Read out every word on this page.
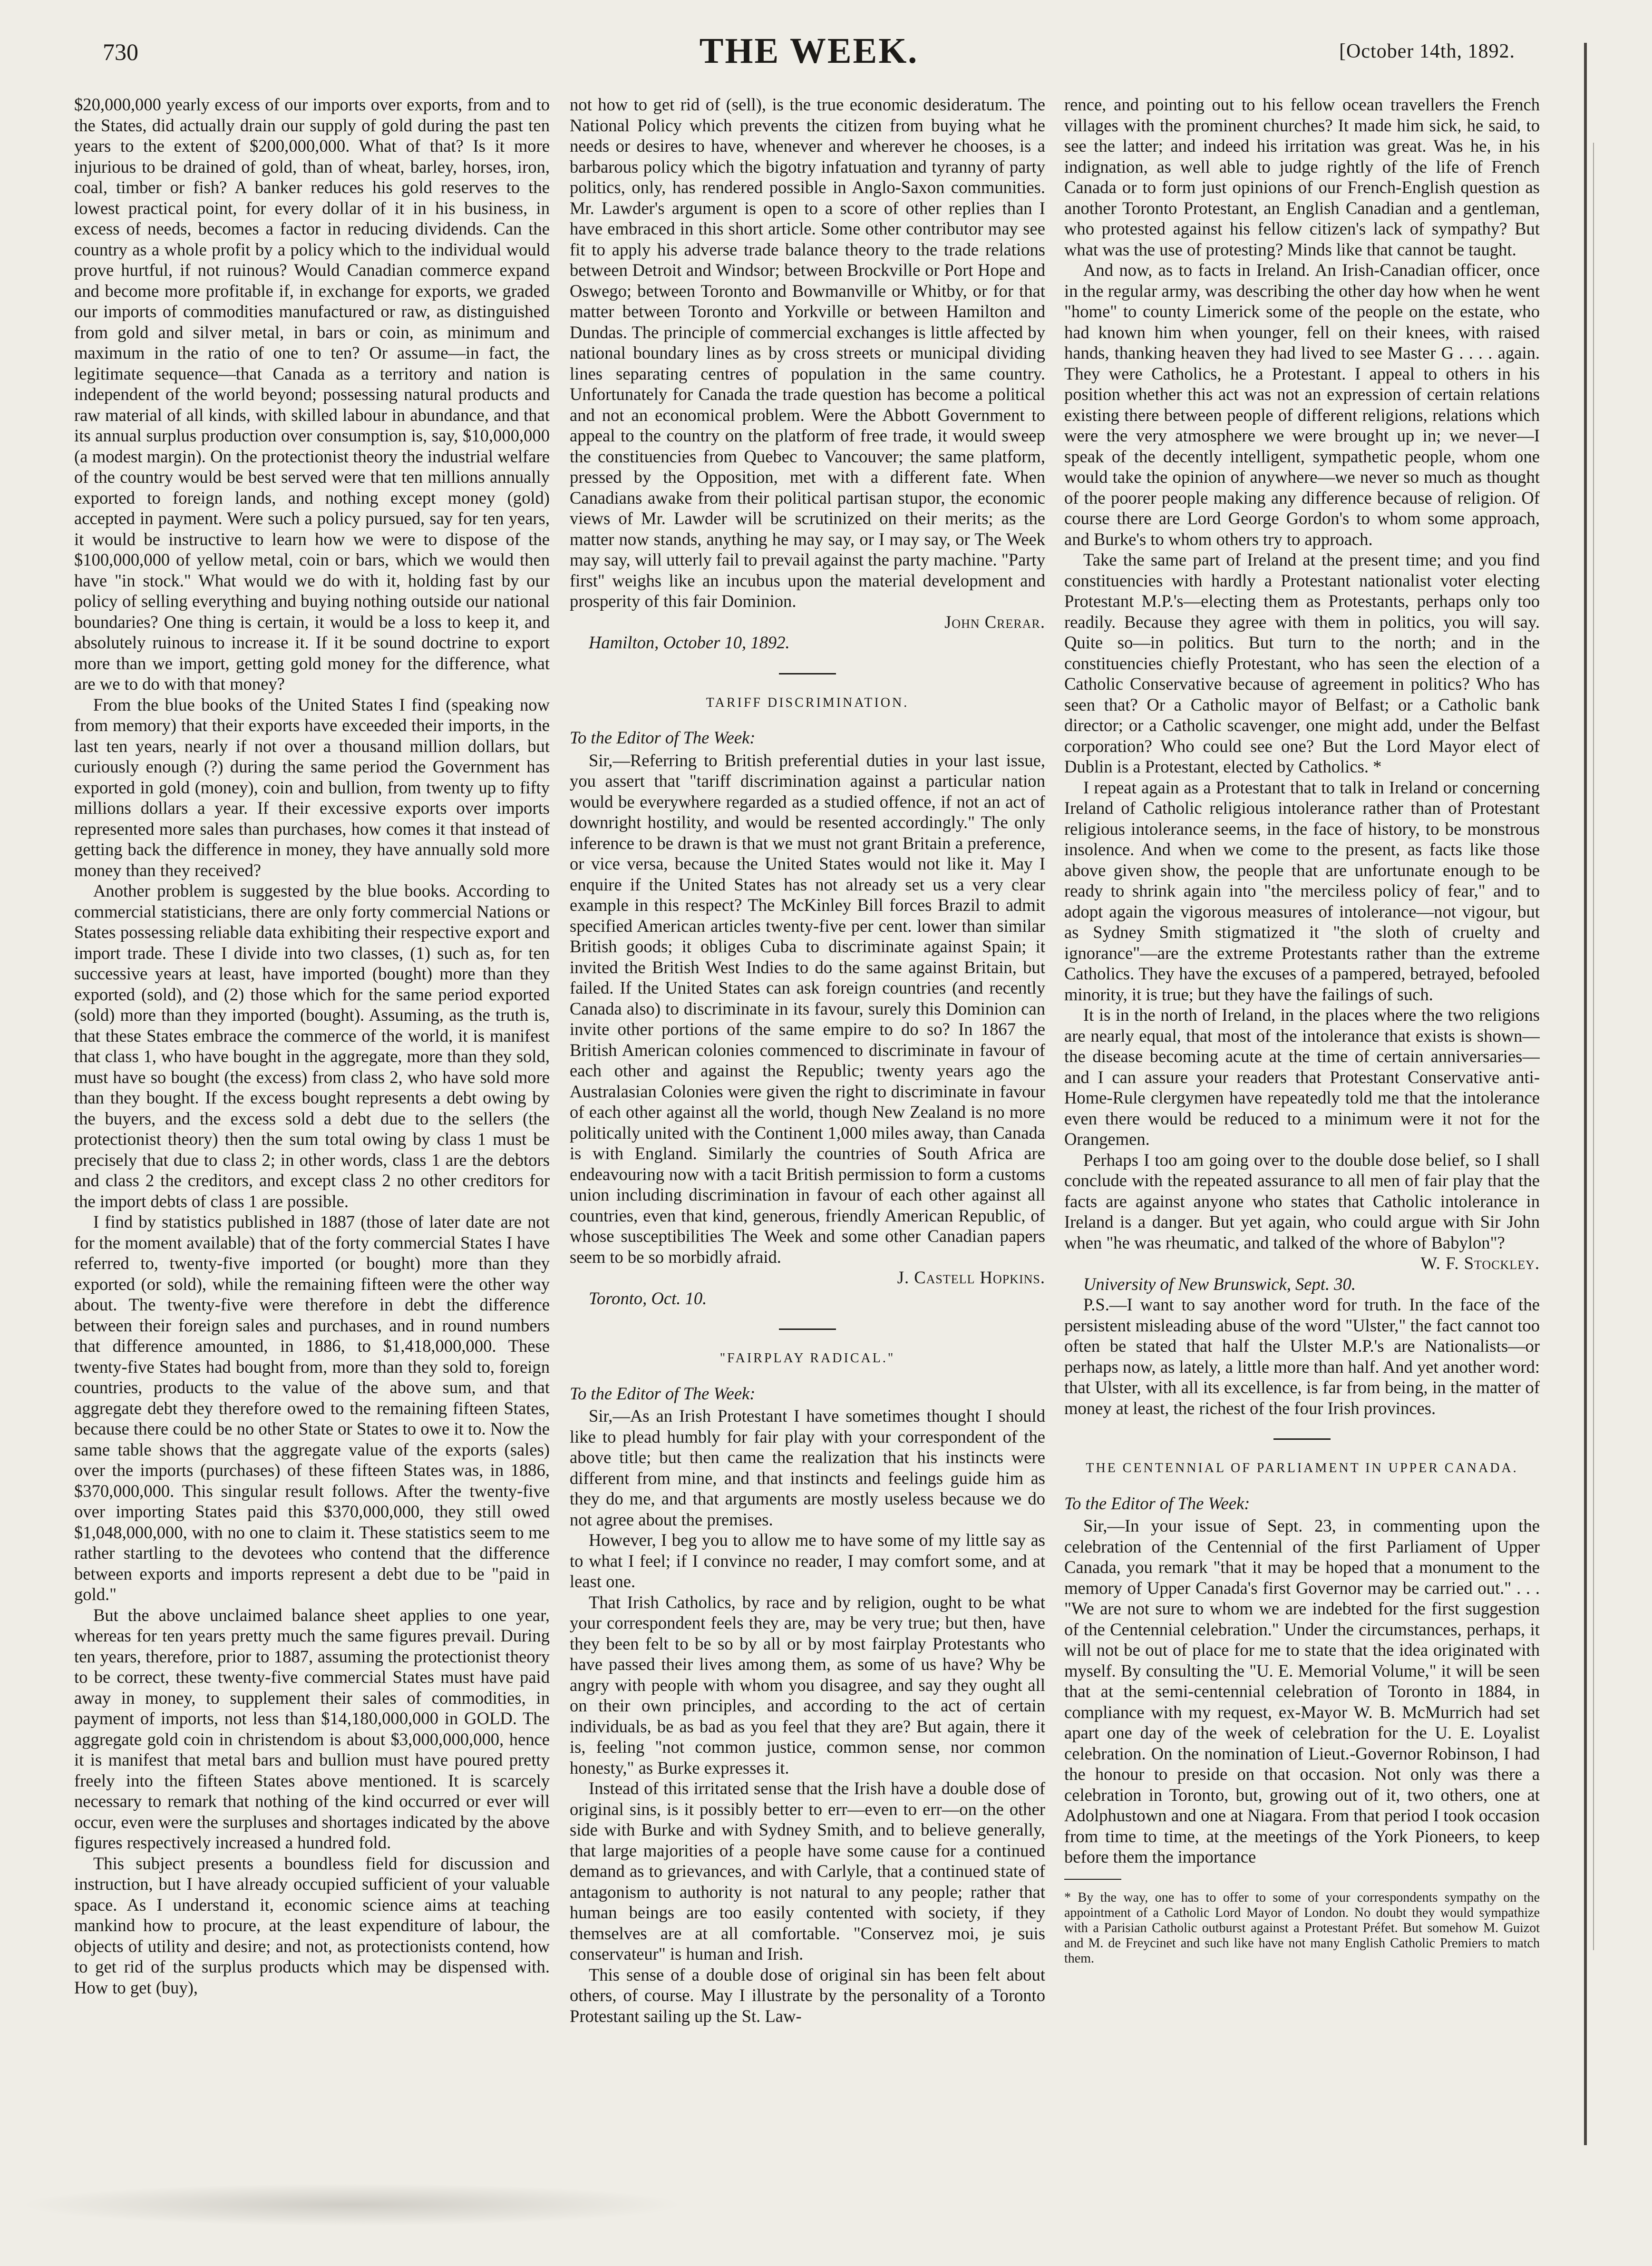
730	THE WEEK.	[October 14th, 1892.

$20,000,000 yearly excess of our imports over exports, from and to the States, did actually drain our supply of gold during the past ten years to the extent of $200,000,000. What of that? Is it more injurious to be drained of gold, than of wheat, barley, horses, iron, coal, timber or fish? A banker reduces his gold reserves to the lowest practical point, for every dollar of it in his business, in excess of needs, becomes a factor in reducing dividends. Can the country as a whole profit by a policy which to the individual would prove hurtful, if not ruinous? Would Canadian commerce expand and become more profitable if, in exchange for exports, we graded our imports of commodities manufactured or raw, as distinguished from gold and silver metal, in bars or coin, as minimum and maximum in the ratio of one to ten? Or assume—in fact, the legitimate sequence—that Canada as a territory and nation is independent of the world beyond; possessing natural products and raw material of all kinds, with skilled labour in abundance, and that its annual surplus production over consumption is, say, $10,000,000 (a modest margin). On the protectionist theory the industrial welfare of the country would be best served were that ten millions annually exported to foreign lands, and nothing except money (gold) accepted in payment. Were such a policy pursued, say for ten years, it would be instructive to learn how we were to dispose of the $100,000,000 of yellow metal, coin or bars, which we would then have "in stock." What would we do with it, holding fast by our policy of selling everything and buying nothing outside our national boundaries? One thing is certain, it would be a loss to keep it, and absolutely ruinous to increase it. If it be sound doctrine to export more than we import, getting gold money for the difference, what are we to do with that money?

From the blue books of the United States I find (speaking now from memory) that their exports have exceeded their imports, in the last ten years, nearly if not over a thousand million dollars, but curiously enough (?) during the same period the Government has exported in gold (money), coin and bullion, from twenty up to fifty millions dollars a year. If their excessive exports over imports represented more sales than purchases, how comes it that instead of getting back the difference in money, they have annually sold more money than they received?

Another problem is suggested by the blue books. According to commercial statisticians, there are only forty commercial Nations or States possessing reliable data exhibiting their respective export and import trade. These I divide into two classes, (1) such as, for ten successive years at least, have imported (bought) more than they exported (sold), and (2) those which for the same period exported (sold) more than they imported (bought). Assuming, as the truth is, that these States embrace the commerce of the world, it is manifest that class 1, who have bought in the aggregate, more than they sold, must have so bought (the excess) from class 2, who have sold more than they bought. If the excess bought represents a debt owing by the buyers, and the excess sold a debt due to the sellers (the protectionist theory) then the sum total owing by class 1 must be precisely that due to class 2; in other words, class 1 are the debtors and class 2 the creditors, and except class 2 no other creditors for the import debts of class 1 are possible.

I find by statistics published in 1887 (those of later date are not for the moment available) that of the forty commercial States I have referred to, twenty-five imported (or bought) more than they exported (or sold), while the remaining fifteen were the other way about. The twenty-five were therefore in debt the difference between their foreign sales and purchases, and in round numbers that difference amounted, in 1886, to $1,418,000,000. These twenty-five States had bought from, more than they sold to, foreign countries, products to the value of the above sum, and that aggregate debt they therefore owed to the remaining fifteen States, because there could be no other State or States to owe it to. Now the same table shows that the aggregate value of the exports (sales) over the imports (purchases) of these fifteen States was, in 1886, $370,000,000. This singular result follows. After the twenty-five over importing States paid this $370,000,000, they still owed $1,048,000,000, with no one to claim it. These statistics seem to me rather startling to the devotees who contend that the difference between exports and imports represent a debt due to be "paid in gold."

But the above unclaimed balance sheet applies to one year, whereas for ten years pretty much the same figures prevail. During ten years, therefore, prior to 1887, assuming the protectionist theory to be correct, these twenty-five commercial States must have paid away in money, to supplement their sales of commodities, in payment of imports, not less than $14,180,000,000 in GOLD. The aggregate gold coin in christendom is about $3,000,000,000, hence it is manifest that metal bars and bullion must have poured pretty freely into the fifteen States above mentioned. It is scarcely necessary to remark that nothing of the kind occurred or ever will occur, even were the surpluses and shortages indicated by the above figures respectively increased a hundred fold.

This subject presents a boundless field for discussion and instruction, but I have already occupied sufficient of your valuable space. As I understand it, economic science aims at teaching mankind how to procure, at the least expenditure of labour, the objects of utility and desire; and not, as protectionists contend, how to get rid of the surplus products which may be dispensed with. How to get (buy),

not how to get rid of (sell), is the true economic desideratum. The National Policy which prevents the citizen from buying what he needs or desires to have, whenever and wherever he chooses, is a barbarous policy which the bigotry infatuation and tyranny of party politics, only, has rendered possible in Anglo-Saxon communities. Mr. Lawder's argument is open to a score of other replies than I have embraced in this short article. Some other contributor may see fit to apply his adverse trade balance theory to the trade relations between Detroit and Windsor; between Brockville or Port Hope and Oswego; between Toronto and Bowmanville or Whitby, or for that matter between Toronto and Yorkville or between Hamilton and Dundas. The principle of commercial exchanges is little affected by national boundary lines as by cross streets or municipal dividing lines separating centres of population in the same country. Unfortunately for Canada the trade question has become a political and not an economical problem. Were the Abbott Government to appeal to the country on the platform of free trade, it would sweep the constituencies from Quebec to Vancouver; the same platform, pressed by the Opposition, met with a different fate. When Canadians awake from their political partisan stupor, the economic views of Mr. Lawder will be scrutinized on their merits; as the matter now stands, anything he may say, or I may say, or The Week may say, will utterly fail to prevail against the party machine. "Party first" weighs like an incubus upon the material development and prosperity of this fair Dominion.

John Crerar.

Hamilton, October 10, 1892.

TARIFF DISCRIMINATION.
To the Editor of The Week:

Sir,—Referring to British preferential duties in your last issue, you assert that "tariff discrimination against a particular nation would be everywhere regarded as a studied offence, if not an act of downright hostility, and would be resented accordingly." The only inference to be drawn is that we must not grant Britain a preference, or vice versa, because the United States would not like it. May I enquire if the United States has not already set us a very clear example in this respect? The McKinley Bill forces Brazil to admit specified American articles twenty-five per cent. lower than similar British goods; it obliges Cuba to discriminate against Spain; it invited the British West Indies to do the same against Britain, but failed. If the United States can ask foreign countries (and recently Canada also) to discriminate in its favour, surely this Dominion can invite other portions of the same empire to do so? In 1867 the British American colonies commenced to discriminate in favour of each other and against the Republic; twenty years ago the Australasian Colonies were given the right to discriminate in favour of each other against all the world, though New Zealand is no more politically united with the Continent 1,000 miles away, than Canada is with England. Similarly the countries of South Africa are endeavouring now with a tacit British permission to form a customs union including discrimination in favour of each other against all countries, even that kind, generous, friendly American Republic, of whose susceptibilities The Week and some other Canadian papers seem to be so morbidly afraid.

J. Castell Hopkins.

Toronto, Oct. 10.

"FAIRPLAY RADICAL."
To the Editor of The Week:

Sir,—As an Irish Protestant I have sometimes thought I should like to plead humbly for fair play with your correspondent of the above title; but then came the realization that his instincts were different from mine, and that instincts and feelings guide him as they do me, and that arguments are mostly useless because we do not agree about the premises.

However, I beg you to allow me to have some of my little say as to what I feel; if I convince no reader, I may comfort some, and at least one.

That Irish Catholics, by race and by religion, ought to be what your correspondent feels they are, may be very true; but then, have they been felt to be so by all or by most fairplay Protestants who have passed their lives among them, as some of us have? Why be angry with people with whom you disagree, and say they ought all on their own principles, and according to the act of certain individuals, be as bad as you feel that they are? But again, there it is, feeling "not common justice, common sense, nor common honesty," as Burke expresses it.

Instead of this irritated sense that the Irish have a double dose of original sins, is it possibly better to err—even to err—on the other side with Burke and with Sydney Smith, and to believe generally, that large majorities of a people have some cause for a continued demand as to grievances, and with Carlyle, that a continued state of antagonism to authority is not natural to any people; rather that human beings are too easily contented with society, if they themselves are at all comfortable. "Conservez moi, je suis conservateur" is human and Irish.

This sense of a double dose of original sin has been felt about others, of course. May I illustrate by the personality of a Toronto Protestant sailing up the St. Law-

rence, and pointing out to his fellow ocean travellers the French villages with the prominent churches? It made him sick, he said, to see the latter; and indeed his irritation was great. Was he, in his indignation, as well able to judge rightly of the life of French Canada or to form just opinions of our French-English question as another Toronto Protestant, an English Canadian and a gentleman, who protested against his fellow citizen's lack of sympathy? But what was the use of protesting? Minds like that cannot be taught.

And now, as to facts in Ireland. An Irish-Canadian officer, once in the regular army, was describing the other day how when he went "home" to county Limerick some of the people on the estate, who had known him when younger, fell on their knees, with raised hands, thanking heaven they had lived to see Master G . . . . again. They were Catholics, he a Protestant. I appeal to others in his position whether this act was not an expression of certain relations existing there between people of different religions, relations which were the very atmosphere we were brought up in; we never—I speak of the decently intelligent, sympathetic people, whom one would take the opinion of anywhere—we never so much as thought of the poorer people making any difference because of religion. Of course there are Lord George Gordon's to whom some approach, and Burke's to whom others try to approach.

Take the same part of Ireland at the present time; and you find constituencies with hardly a Protestant nationalist voter electing Protestant M.P.'s—electing them as Protestants, perhaps only too readily. Because they agree with them in politics, you will say. Quite so—in politics. But turn to the north; and in the constituencies chiefly Protestant, who has seen the election of a Catholic Conservative because of agreement in politics? Who has seen that? Or a Catholic mayor of Belfast; or a Catholic bank director; or a Catholic scavenger, one might add, under the Belfast corporation? Who could see one? But the Lord Mayor elect of Dublin is a Protestant, elected by Catholics. *

I repeat again as a Protestant that to talk in Ireland or concerning Ireland of Catholic religious intolerance rather than of Protestant religious intolerance seems, in the face of history, to be monstrous insolence. And when we come to the present, as facts like those above given show, the people that are unfortunate enough to be ready to shrink again into "the merciless policy of fear," and to adopt again the vigorous measures of intolerance—not vigour, but as Sydney Smith stigmatized it "the sloth of cruelty and ignorance"—are the extreme Protestants rather than the extreme Catholics. They have the excuses of a pampered, betrayed, befooled minority, it is true; but they have the failings of such.

It is in the north of Ireland, in the places where the two religions are nearly equal, that most of the intolerance that exists is shown—the disease becoming acute at the time of certain anniversaries—and I can assure your readers that Protestant Conservative anti-Home-Rule clergymen have repeatedly told me that the intolerance even there would be reduced to a minimum were it not for the Orangemen.

Perhaps I too am going over to the double dose belief, so I shall conclude with the repeated assurance to all men of fair play that the facts are against anyone who states that Catholic intolerance in Ireland is a danger. But yet again, who could argue with Sir John when "he was rheumatic, and talked of the whore of Babylon"?

W. F. Stockley.

University of New Brunswick, Sept. 30.

P.S.—I want to say another word for truth. In the face of the persistent misleading abuse of the word "Ulster," the fact cannot too often be stated that half the Ulster M.P.'s are Nationalists—or perhaps now, as lately, a little more than half. And yet another word: that Ulster, with all its excellence, is far from being, in the matter of money at least, the richest of the four Irish provinces.

THE CENTENNIAL OF PARLIAMENT IN UPPER CANADA.
To the Editor of The Week:

Sir,—In your issue of Sept. 23, in commenting upon the celebration of the Centennial of the first Parliament of Upper Canada, you remark "that it may be hoped that a monument to the memory of Upper Canada's first Governor may be carried out." . . . "We are not sure to whom we are indebted for the first suggestion of the Centennial celebration." Under the circumstances, perhaps, it will not be out of place for me to state that the idea originated with myself. By consulting the "U. E. Memorial Volume," it will be seen that at the semi-centennial celebration of Toronto in 1884, in compliance with my request, ex-Mayor W. B. McMurrich had set apart one day of the week of celebration for the U. E. Loyalist celebration. On the nomination of Lieut.-Governor Robinson, I had the honour to preside on that occasion. Not only was there a celebration in Toronto, but, growing out of it, two others, one at Adolphustown and one at Niagara. From that period I took occasion from time to time, at the meetings of the York Pioneers, to keep before them the importance

* By the way, one has to offer to some of your correspondents sympathy on the appointment of a Catholic Lord Mayor of London. No doubt they would sympathize with a Parisian Catholic outburst against a Protestant Préfet. But somehow M. Guizot and M. de Freycinet and such like have not many English Catholic Premiers to match them.
